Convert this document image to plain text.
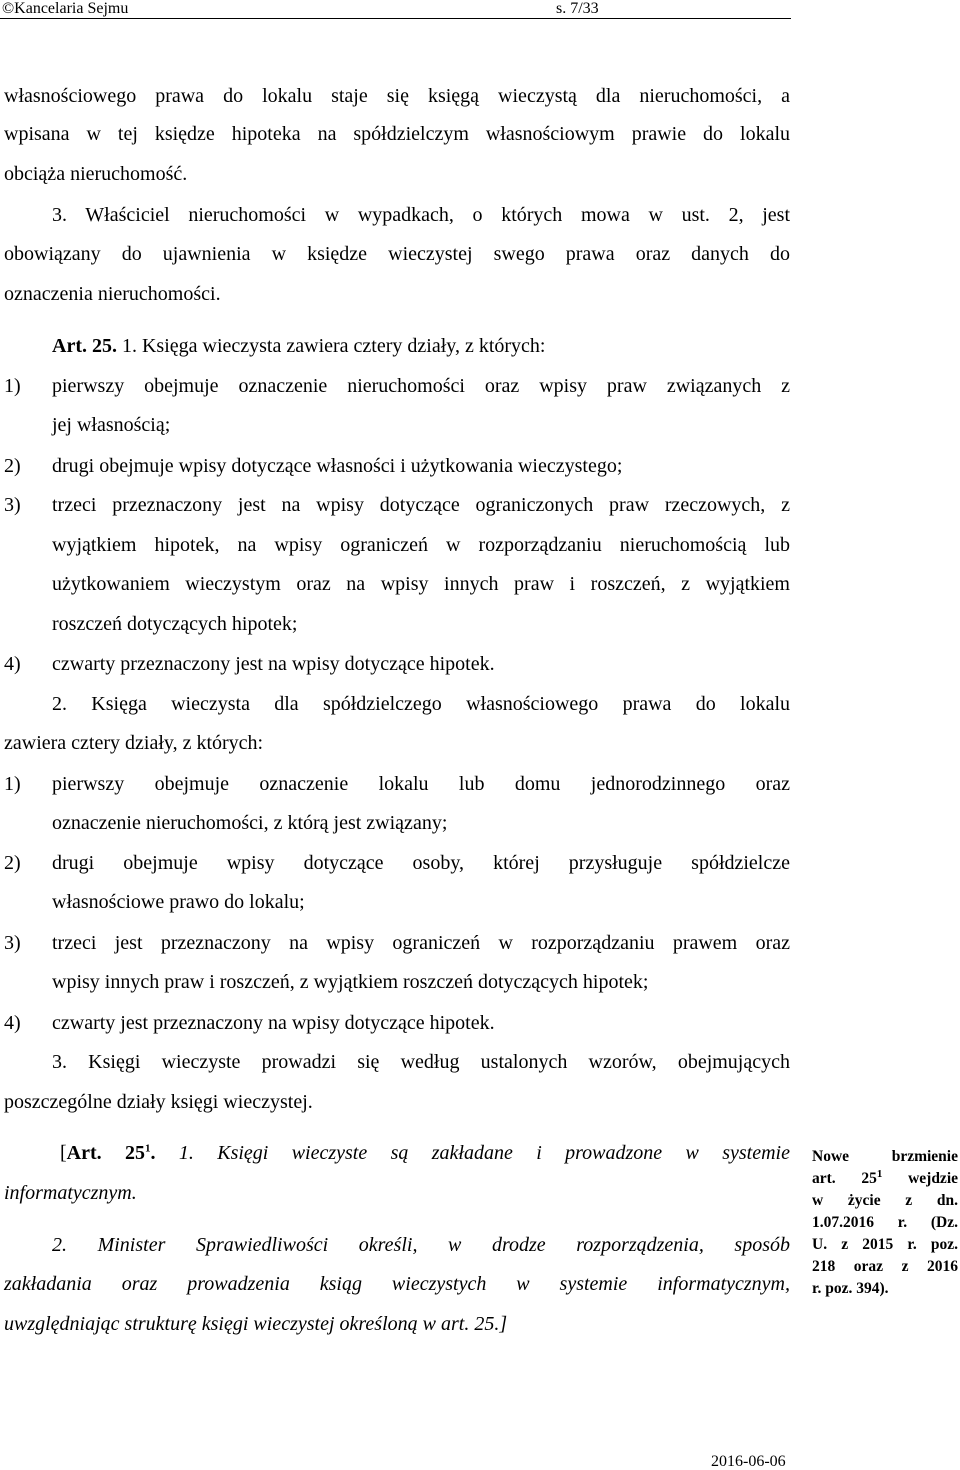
©Kancelaria Sejmu	s. 7/33
własnościowego prawa do lokalu staje się księgą wieczystą dla nieruchomości, a
wpisana w tej księdze hipoteka na spółdzielczym własnościowym prawie do lokalu
obciąża nieruchomość.
3. Właściciel nieruchomości w wypadkach, o których mowa w ust. 2, jest
obowiązany do ujawnienia w księdze wieczystej swego prawa oraz danych do
oznaczenia nieruchomości.
Art. 25. 1. Księga wieczysta zawiera cztery działy, z których:
1) pierwszy obejmuje oznaczenie nieruchomości oraz wpisy praw związanych z
jej własnością;
2) drugi obejmuje wpisy dotyczące własności i użytkowania wieczystego;
3) trzeci przeznaczony jest na wpisy dotyczące ograniczonych praw rzeczowych, z
wyjątkiem hipotek, na wpisy ograniczeń w rozporządzaniu nieruchomością lub
użytkowaniem wieczystym oraz na wpisy innych praw i roszczeń, z wyjątkiem
roszczeń dotyczących hipotek;
4) czwarty przeznaczony jest na wpisy dotyczące hipotek.
2. Księga wieczysta dla spółdzielczego własnościowego prawa do lokalu
zawiera cztery działy, z których:
1) pierwszy obejmuje oznaczenie lokalu lub domu jednorodzinnego oraz
oznaczenie nieruchomości, z którą jest związany;
2) drugi obejmuje wpisy dotyczące osoby, której przysługuje spółdzielcze
własnościowe prawo do lokalu;
3) trzeci jest przeznaczony na wpisy ograniczeń w rozporządzaniu prawem oraz
wpisy innych praw i roszczeń, z wyjątkiem roszczeń dotyczących hipotek;
4) czwarty jest przeznaczony na wpisy dotyczące hipotek.
3. Księgi wieczyste prowadzi się według ustalonych wzorów, obejmujących
poszczególne działy księgi wieczystej.
[Art. $25^1$. 1. Księgi wieczyste są zakładane i prowadzone w systemie
informatycznym.
2. Minister Sprawiedliwości określi, w drodze rozporządzenia, sposób
zakładania oraz prowadzenia ksiąg wieczystych w systemie informatycznym,
uwzględniając strukturę księgi wieczystej określoną w art. 25.]
Nowe brzmienie
art. $25^1$ wejdzie
w życie z dn.
1.07.2016 r. (Dz.
U. z 2015 r. poz.
218 oraz z 2016
r. poz. 394).
2016-06-06
